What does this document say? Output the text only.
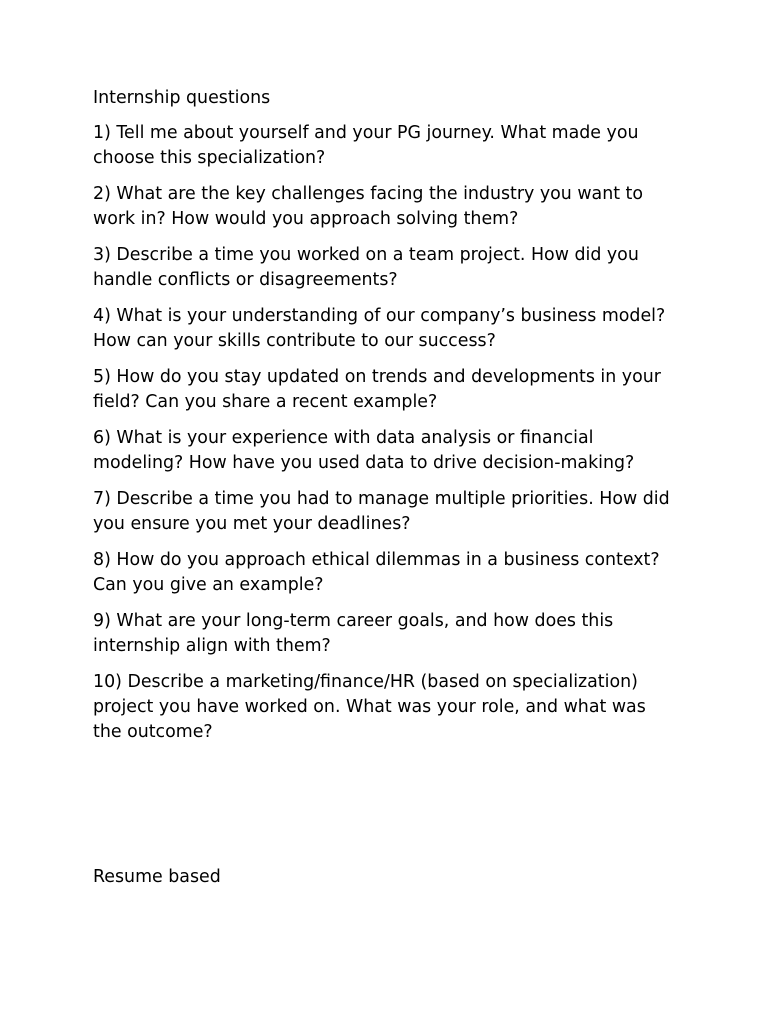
Internship questions

1) Tell me about yourself and your PG journey. What made you choose this specialization?
2) What are the key challenges facing the industry you want to work in? How would you approach solving them?
3) Describe a time you worked on a team project. How did you handle conflicts or disagreements?
4) What is your understanding of our company’s business model? How can your skills contribute to our success?
5) How do you stay updated on trends and developments in your field? Can you share a recent example?
6) What is your experience with data analysis or financial modeling? How have you used data to drive decision-making?
7) Describe a time you had to manage multiple priorities. How did you ensure you met your deadlines?
8) How do you approach ethical dilemmas in a business context? Can you give an example?
9) What are your long-term career goals, and how does this internship align with them?
10) Describe a marketing/finance/HR (based on specialization) project you have worked on. What was your role, and what was the outcome?

Resume based
